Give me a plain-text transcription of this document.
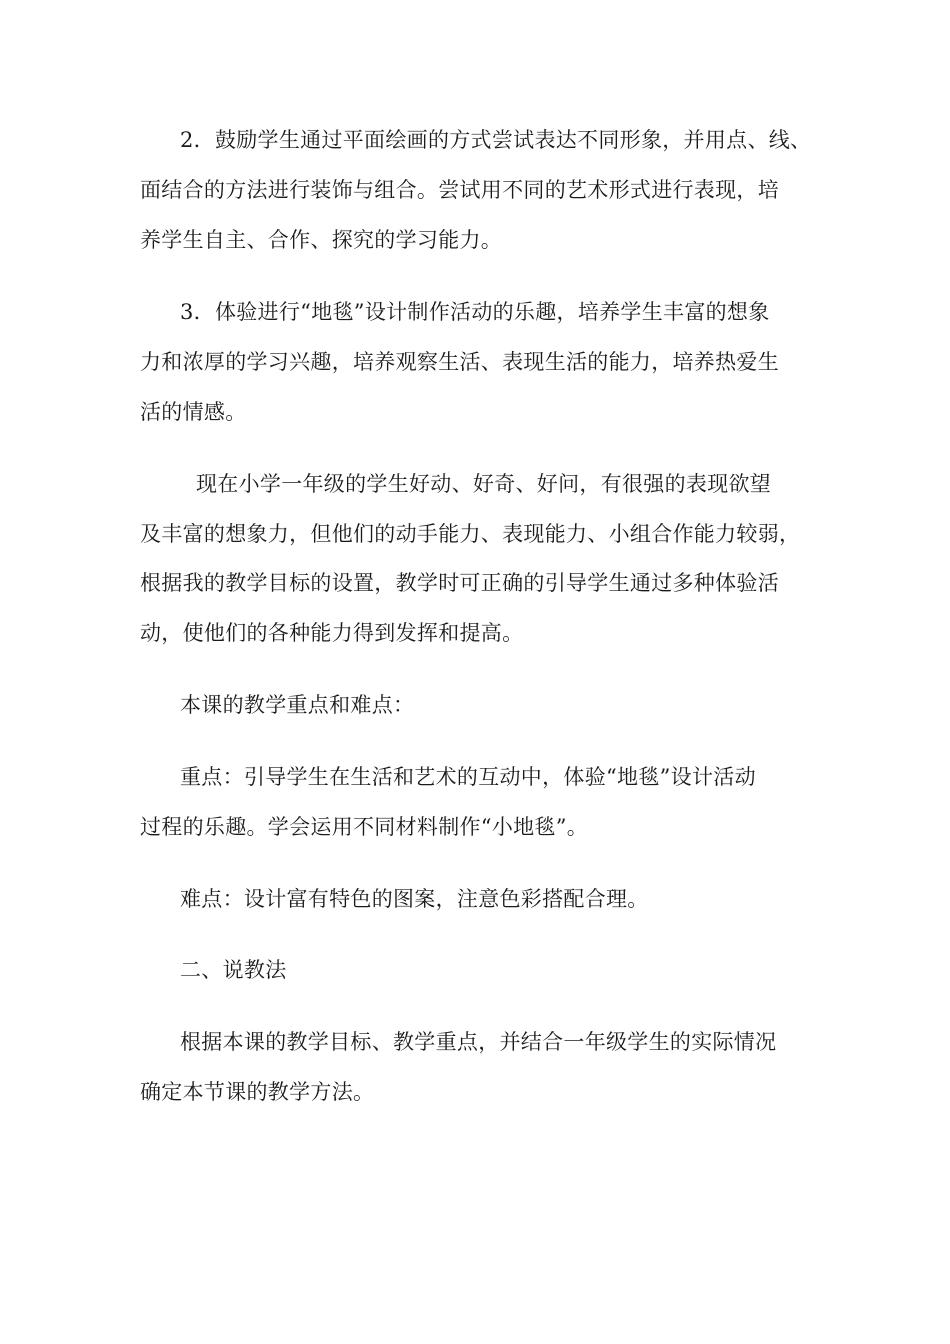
2．鼓励学生通过平面绘画的方式尝试表达不同形象，并用点、线、
面结合的方法进行装饰与组合。尝试用不同的艺术形式进行表现，培
养学生自主、合作、探究的学习能力。
3．体验进行“地毯”设计制作活动的乐趣，培养学生丰富的想象
力和浓厚的学习兴趣，培养观察生活、表现生活的能力，培养热爱生
活的情感。
现在小学一年级的学生好动、好奇、好问，有很强的表现欲望
及丰富的想象力，但他们的动手能力、表现能力、小组合作能力较弱，
根据我的教学目标的设置，教学时可正确的引导学生通过多种体验活
动，使他们的各种能力得到发挥和提高。
本课的教学重点和难点：
重点：引导学生在生活和艺术的互动中，体验“地毯”设计活动
过程的乐趣。学会运用不同材料制作“小地毯”。
难点：设计富有特色的图案，注意色彩搭配合理。
二、说教法
根据本课的教学目标、教学重点，并结合一年级学生的实际情况
确定本节课的教学方法。
